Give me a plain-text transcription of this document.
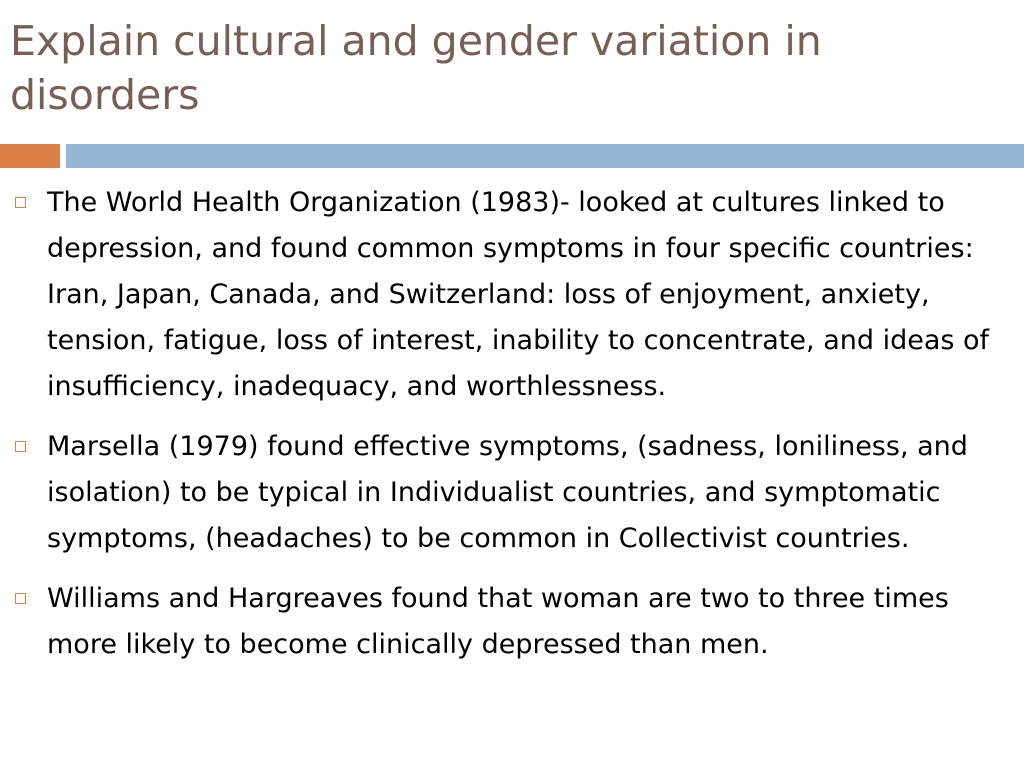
Explain cultural and gender variation in disorders
The World Health Organization (1983)- looked at cultures linked to depression, and found common symptoms in four specific countries: Iran, Japan, Canada, and Switzerland: loss of enjoyment, anxiety, tension, fatigue, loss of interest, inability to concentrate, and ideas of insufficiency, inadequacy, and worthlessness.
Marsella (1979) found effective symptoms, (sadness, loniliness, and isolation) to be typical in Individualist countries, and symptomatic symptoms, (headaches) to be common in Collectivist countries.
Williams and Hargreaves found that woman are two to three times more likely to become clinically depressed than men.
